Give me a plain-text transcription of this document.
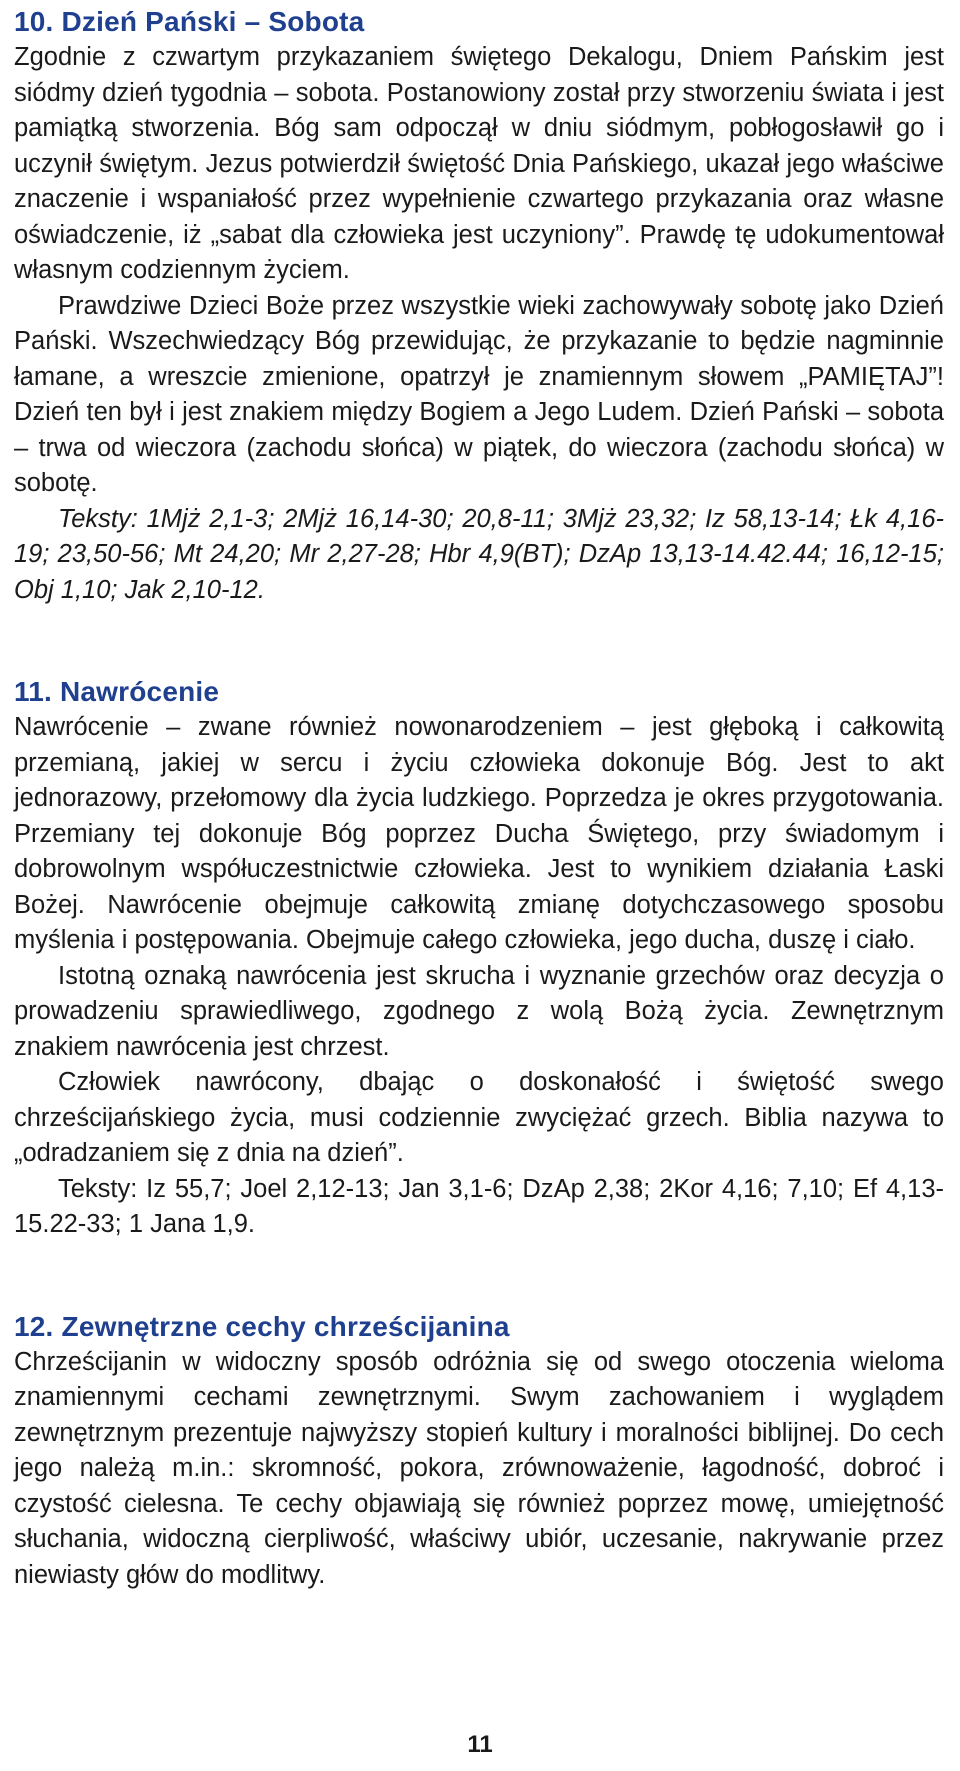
10. Dzień Pański – Sobota

Zgodnie z czwartym przykazaniem świętego Dekalogu, Dniem Pańskim jest siódmy dzień tygodnia – sobota. Postanowiony został przy stworzeniu świata i jest pamiątką stworzenia. Bóg sam odpoczął w dniu siódmym, pobłogosławił go i uczynił świętym. Jezus potwierdził świętość Dnia Pańskiego, ukazał jego właściwe znaczenie i wspaniałość przez wypełnienie czwartego przykazania oraz własne oświadczenie, iż „sabat dla człowieka jest uczyniony”. Prawdę tę udokumentował własnym codziennym życiem.

Prawdziwe Dzieci Boże przez wszystkie wieki zachowywały sobotę jako Dzień Pański. Wszechwiedzący Bóg przewidując, że przykazanie to będzie nagminnie łamane, a wreszcie zmienione, opatrzył je znamiennym słowem „PAMIĘTAJ”! Dzień ten był i jest znakiem między Bogiem a Jego Ludem. Dzień Pański – sobota – trwa od wieczora (zachodu słońca) w piątek, do wieczora (zachodu słońca) w sobotę.

Teksty: 1Mjż 2,1-3; 2Mjż 16,14-30; 20,8-11; 3Mjż 23,32; Iz 58,13-14; Łk 4,16-19; 23,50-56; Mt 24,20; Mr 2,27-28; Hbr 4,9(BT); DzAp 13,13-14.42.44; 16,12-15; Obj 1,10; Jak 2,10-12.

11. Nawrócenie

Nawrócenie – zwane również nowonarodzeniem – jest głęboką i całkowitą przemianą, jakiej w sercu i życiu człowieka dokonuje Bóg. Jest to akt jednorazowy, przełomowy dla życia ludzkiego. Poprzedza je okres przygotowania. Przemiany tej dokonuje Bóg poprzez Ducha Świętego, przy świadomym i dobrowolnym współuczestnictwie człowieka. Jest to wynikiem działania Łaski Bożej. Nawrócenie obejmuje całkowitą zmianę dotychczasowego sposobu myślenia i postępowania. Obejmuje całego człowieka, jego ducha, duszę i ciało.

Istotną oznaką nawrócenia jest skrucha i wyznanie grzechów oraz decyzja o prowadzeniu sprawiedliwego, zgodnego z wolą Bożą życia. Zewnętrznym znakiem nawrócenia jest chrzest.

Człowiek nawrócony, dbając o doskonałość i świętość swego chrześcijańskiego życia, musi codziennie zwyciężać grzech. Biblia nazywa to „odradzaniem się z dnia na dzień”.

Teksty: Iz 55,7; Joel 2,12-13; Jan 3,1-6; DzAp 2,38; 2Kor 4,16; 7,10; Ef 4,13-15.22-33; 1 Jana 1,9.

12. Zewnętrzne cechy chrześcijanina

Chrześcijanin w widoczny sposób odróżnia się od swego otoczenia wieloma znamiennymi cechami zewnętrznymi. Swym zachowaniem i wyglądem zewnętrznym prezentuje najwyższy stopień kultury i moralności biblijnej. Do cech jego należą m.in.: skromność, pokora, zrównoważenie, łagodność, dobroć i czystość cielesna. Te cechy objawiają się również poprzez mowę, umiejętność słuchania, widoczną cierpliwość, właściwy ubiór, uczesanie, nakrywanie przez niewiasty głów do modlitwy.

11
